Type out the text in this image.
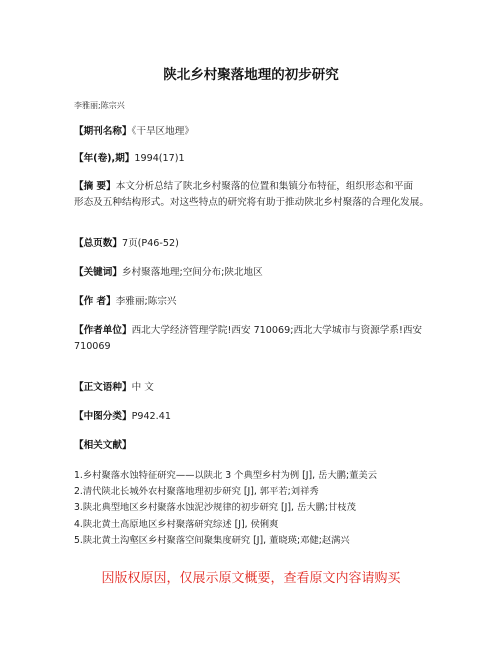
陕北乡村聚落地理的初步研究
李雅丽;陈宗兴
【期刊名称】《干旱区地理》
【年(卷),期】1994(17)1
【摘 要】本文分析总结了陕北乡村聚落的位置和集镇分布特征，组织形态和平面
形态及五种结构形式。对这些特点的研究将有助于推动陕北乡村聚落的合理化发展。
【总页数】7页(P46-52)
【关键词】乡村聚落地理;空间分布;陕北地区
【作 者】李雅丽;陈宗兴
【作者单位】西北大学经济管理学院!西安 710069;西北大学城市与资源学系!西安
710069
【正文语种】中 文
【中图分类】P942.41
【相关文献】
1.乡村聚落水蚀特征研究——以陕北 3 个典型乡村为例 [J], 岳大鹏;董美云
2.清代陕北长城外农村聚落地理初步研究 [J], 郭平若;刘祥秀
3.陕北典型地区乡村聚落水蚀泥沙规律的初步研究 [J], 岳大鹏;甘枝茂
4.陕北黄土高原地区乡村聚落研究综述 [J], 侯俐爽
5.陕北黄土沟壑区乡村聚落空间聚集度研究 [J], 董晓瑛;邓健;赵满兴
因版权原因，仅展示原文概要，查看原文内容请购买
